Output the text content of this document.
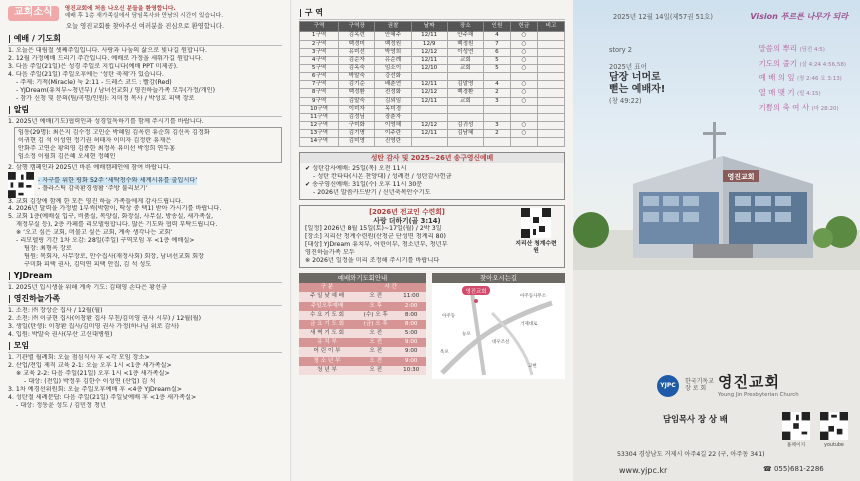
교회소식	영진교회에 처음 나오신 분들을 환영합니다.
예배 후 1층 새가족실에서 담임목사와 만남의 시간이 있습니다.
오늘 영진교회를 찾아주신 여러분을 진심으로 환영합니다.
| 예배 / 기도회
1. 오늘은 대림절 셋째주일입니다. 사랑과 나눔의 삶으로 빛나길 원합니다.
2. 12월 가정예배 드리기 주간입니다. 예배로 가정을 세워가길 원합니다.
3. 다음 주일(21일)은 성경 주일로 지킵니다(예배 PPT 미제공).
4. 다음 주일(21일) 주일오후에는 ‘성탄 축제’가 있습니다.
- 주제: 기적(Miracle) 눅 2:11 - 드레스 코드 : 빨강(Red)
- YJDream(유치부~청년부) / 남녀선교회 / 영진하늘가족 모두(가정/개인)
- 참가 신청 및 문의(팀/곡명/인원): 지미정 목사 / 박성호 피택 장로
| 알림
1. 2025년 예배(기도)협력인과 성경일독하기를 함께 주시기를 바랍니다.
임동(29명): 최은지 김수정 고민순 박혜임 김옥련 유순희 김신옥 김정화
이귀현 김 석 이성연 정기권 허태자 이미자 김정란 유재은
안화주 고연순 황의영 김종한 최정옥 유미선 박정희 연두홍
임소정 이필희 김은혜 오세현 정혜인
2. 삼행 캠페인과 2025년 바른 예배캠페인에 참여 바랍니다.
- 자구를 위한 평화 52주 ‘세탁청수와 세계시유를 출입시다’
- 플라스틱 감축환경생활 ‘주방 불리보기’
3. 교회 김장에 함께 한 모든 영진 하늘 가족들에게 감사드립니다.
4. 2026년 달력을 가정별 1부씩(박함이, 딱상 중 택1) 받아 가시기를 바랍니다.
5. 교회 1층(예배실 입구, 비품실, 목양실, 화장실, 사무실, 방송실, 새가족실,
재정부실 등), 2층 카페를 리모델링합니다. 많은 기도와 협력 부탁드립니다.
※ ‘오고 싶은 교회, 머물고 싶은 교회, 계속 생각나는 교회’
- 리모델링 기간 1차 오감: 28일(주일) 구역모임 후 <1층 예배실>
팀장: 최형옥 장로
팀원: 목회자, 사무장로, 안수집사(재정사회) 회장, 남녀선교회 회장
구미화 피택 권사, 김덕연 피택 안집, 김 석 성도
| YJDream
1. 2025년 입시생을 위해 계속 기도: 김태영 손다은 황선규
| 영진하늘가족
1. 소천: ㈜ 장상순 집사 / 12월(월)
2. 소천: ㈜ 이규현 집사(이창환 집사 부친/김미영 권사 시부) / 12월(월)
3. 생일(탄생): 이창환 집사/김미영 권사 가정(하나님 위로 감사)
4. 입원: 박말숙 권사(부산 고신대병원)
| 모임
1. 기관별 월례회: 오늘 점심식사 후 <각 모임 장소>
2. 산업/전입 제직 교육 2-1: 오늘 오후 1시 <1층 새가족실>
※ 교육 2-2: 다음 주일(21일) 오후 1시 <1층 새가족실>
- 대상: (전입) 박정우 김한수 이성연 (산업) 김 석
3. 1차 예경선위원회: 오늘 주일오후예배 후 <4층 YJDream실>
4. 성탄절 세례문답: 다음 주일(21일) 주일낮예배 후 <1층 새가족실>
- 대상: 정동윤 성도 / 김민정 청년
| 구 역
구역	구역장	권찰	날짜	장소	인원	헌금	비고
1구역	김옥련	안혜주	12/11	안주해	4	○	
2구역	백경미	백정원	12/9	백정원	7	○	
3구역	유미선	박영희	12/12	이성연	6	○	
4구역	김순자	유순례	12/11	교회	5	○	
5구역	김옥숙	임소이	12/10	교회	5	○	
6구역	박말숙	강선화					
7구역	김기순	배춘연	12/11	김말영	4	○	
8구역	백정환	전정화	12/12	백경환	2	○	
9구역	김말숙	김외임	12/11	교회	3	○	
10구역	이미자	옥미경					
11구역	김정님	장춘자					
12구역	구미화	이영해	12/12	김귀성	3	○	
13구역	김기명	이주란	12/11	김남혜	2	○	
14구역	김미영	진영란					
성탄 감사 및 2025~26년 송구영신예배
✔ 성탄감사예배: 25일(목) 오전 11시
- 성탄 칸타타(시온 찬양대) / 성례전 / 성탄감사헌금
✔ 송구영신예배: 31일(수) 오후 11시 30분
- 2026년 말씀카드받기 / 신년축복안수기도
[2026년 전교인 수련회]
사랑 더하기(골 3:14)
[일정] 2026년 8월 15일(토)~17일(월) / 2박 3일
[장소] 지리산 청계수련원(산청군 단성면 청계리 80)
[대상] YJDream 유치부, 어린이부, 청소년부, 청년부
영진하늘가족 모두
※ 2026년 일정을 미리 조정해 주시기를 바랍니다
지리산 청계수련원
예배와기도회안내
구 분	시 간	
주 일 낮 예 배	오 전	11:00
주일오후예배	오 후	2:00
수 요 기 도 회	(수) 오 후	8:00
금 요 기 도 회	(금) 오 후	8:00
새 벽 기 도 회	오 전	5:00
유 치 부	오 전	9:00
어 린 이 부	오 전	9:00
청 소 년 부	오 전	9:00
청 년 부	오 전	10:30
찾아오시는길
영진교회
아주동사무소
아주동
거제대로
옥포
고현
대우조선
능포
2025년 12월 14일(제57권 51호)	Vision 푸르른 나무가 되라
story 2
2025년 표어
담장 너머로
뻗는 예배자!
(창 49:22)
말씀의 뿌리 (딤전 4:5)
기도의 줄기 (살 4:24 4:56,58)
예 배 의 잎 (창 2:46 요 3:13)
열 매 맺 기 (빌 4:15)
기쁨의 축 여 사 (마 28:20)
영진교회
YJPC
한국기독교
장 로 회 영진교회
Young Jin Presbyterian Church
담임목사 장 상 배
홈페이지	youtube
53304 경상남도 거제시 아주4길 22 (구, 아주동 341)
www.yjpc.kr	☎ 055)681-2286
